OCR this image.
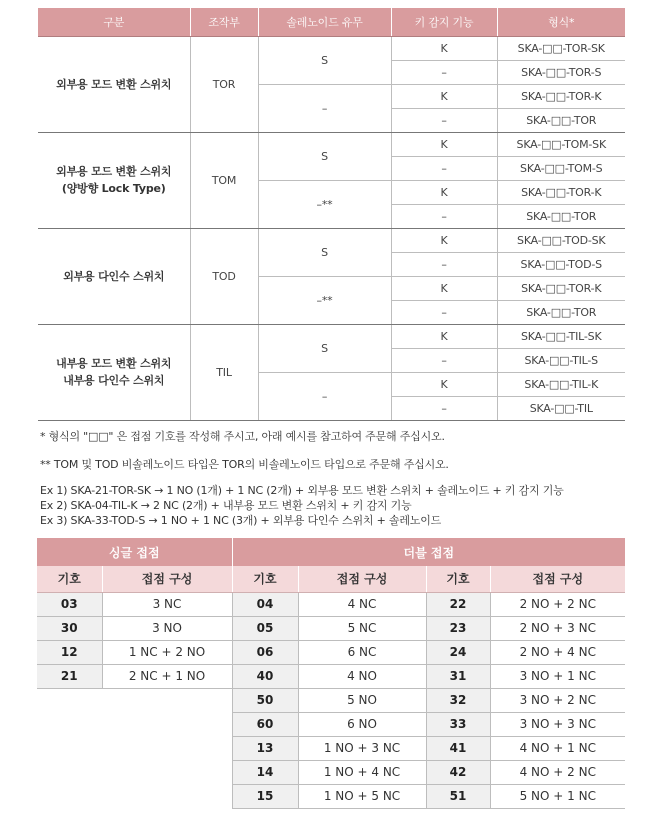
구분	조작부	솔레노이드 유무	키 감지 기능	형식*

외부용 모드 변환 스위치	TOR	S	K	SKA-□□-TOR-SK
			–	SKA-□□-TOR-S
		–	K	SKA-□□-TOR-K
			–	SKA-□□-TOR

외부용 모드 변환 스위치
(양방향 Lock Type)	TOM	S	K	SKA-□□-TOM-SK
			–	SKA-□□-TOM-S
		–**	K	SKA-□□-TOR-K
			–	SKA-□□-TOR

외부용 다인수 스위치	TOD	S	K	SKA-□□-TOD-SK
			–	SKA-□□-TOD-S
		–**	K	SKA-□□-TOR-K
			–	SKA-□□-TOR

내부용 모드 변환 스위치
내부용 다인수 스위치	TIL	S	K	SKA-□□-TIL-SK
			–	SKA-□□-TIL-S
		–	K	SKA-□□-TIL-K
			–	SKA-□□-TIL
* 형식의 "□□" 은 접점 기호를 작성해 주시고, 아래 예시를 참고하여 주문해 주십시오.
** TOM 및 TOD 비솔레노이드 타입은 TOR의 비솔레노이드 타입으로 주문해 주십시오.
Ex 1) SKA-21-TOR-SK → 1 NO (1개) + 1 NC (2개) + 외부용 모드 변환 스위치 + 솔레노이드 + 키 감지 기능
Ex 2) SKA-04-TIL-K → 2 NC (2개) + 내부용 모드 변환 스위치 + 키 감지 기능
Ex 3) SKA-33-TOD-S → 1 NO + 1 NC (3개) + 외부용 다인수 스위치 + 솔레노이드
싱글 접점		더블 접점			
기호	접점 구성	기호	접점 구성	기호	접점 구성
03	3 NC	04	4 NC	22	2 NO + 2 NC
30	3 NO	05	5 NC	23	2 NO + 3 NC
12	1 NC + 2 NO	06	6 NC	24	2 NO + 4 NC
21	2 NC + 1 NO	40	4 NO	31	3 NO + 1 NC
		50	5 NO	32	3 NO + 2 NC
		60	6 NO	33	3 NO + 3 NC
		13	1 NO + 3 NC	41	4 NO + 1 NC
		14	1 NO + 4 NC	42	4 NO + 2 NC
		15	1 NO + 5 NC	51	5 NO + 1 NC
